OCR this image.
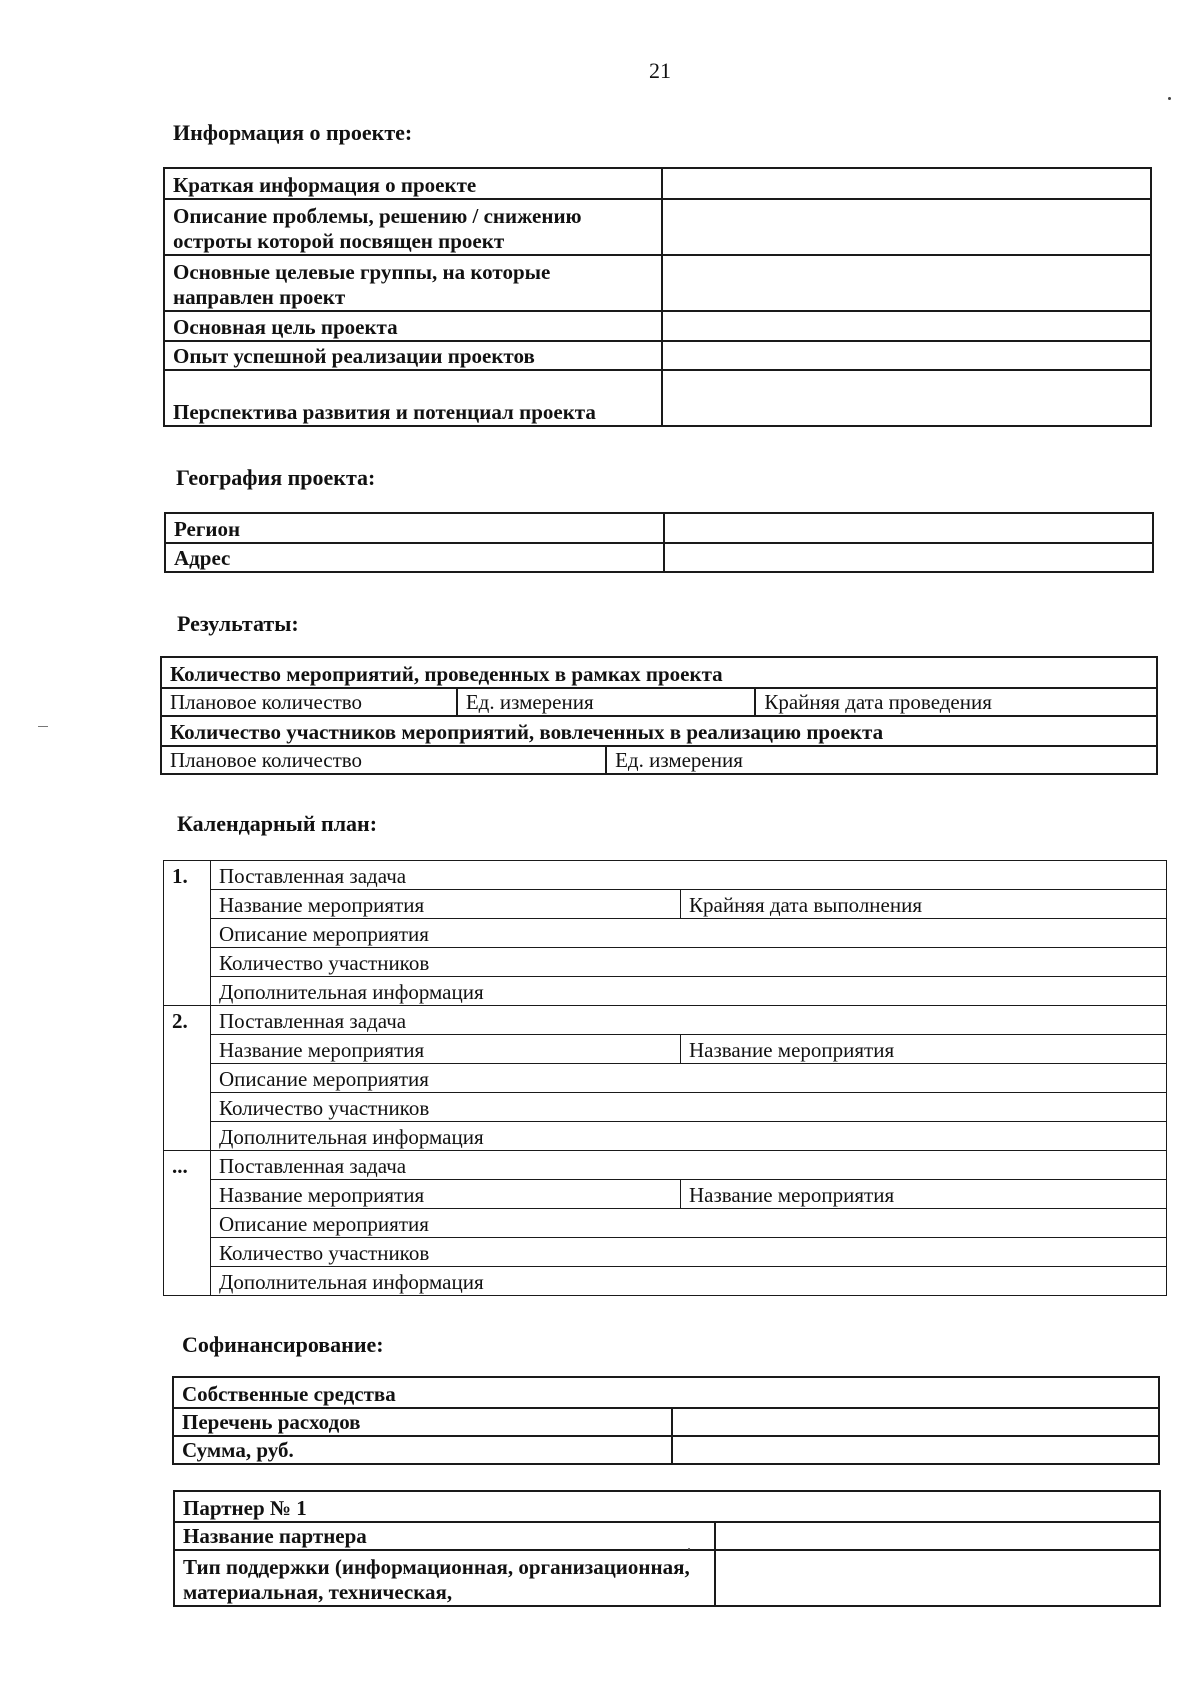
21
Информация о проекте:
Краткая информация о проекте	
Описание проблемы, решению / снижению остроты которой посвящен проект	
Основные целевые группы, на которые направлен проект	
Основная цель проекта	
Опыт успешной реализации проектов	
Перспектива развития и потенциал проекта	
География проекта:
Регион	
Адрес	
Результаты:
Количество мероприятий, проведенных в рамках проекта			
Плановое количество	Ед. измерения		Крайняя дата проведения
Количество участников мероприятий, вовлеченных в реализацию проекта			
Плановое количество		Ед. измерения	
Календарный план:
1.	Поставленная задача	
	Название мероприятия	Крайняя дата выполнения
	Описание мероприятия	
	Количество участников	
	Дополнительная информация	
2.	Поставленная задача	
	Название мероприятия	Название мероприятия
	Описание мероприятия	
	Количество участников	
	Дополнительная информация	
...	Поставленная задача	
	Название мероприятия	Название мероприятия
	Описание мероприятия	
	Количество участников	
	Дополнительная информация	
Софинансирование:
Собственные средства	
Перечень расходов	
Сумма, руб.	
Партнер № 1	
Название партнера	
Тип поддержки (информационная, организационная, материальная, техническая,	
